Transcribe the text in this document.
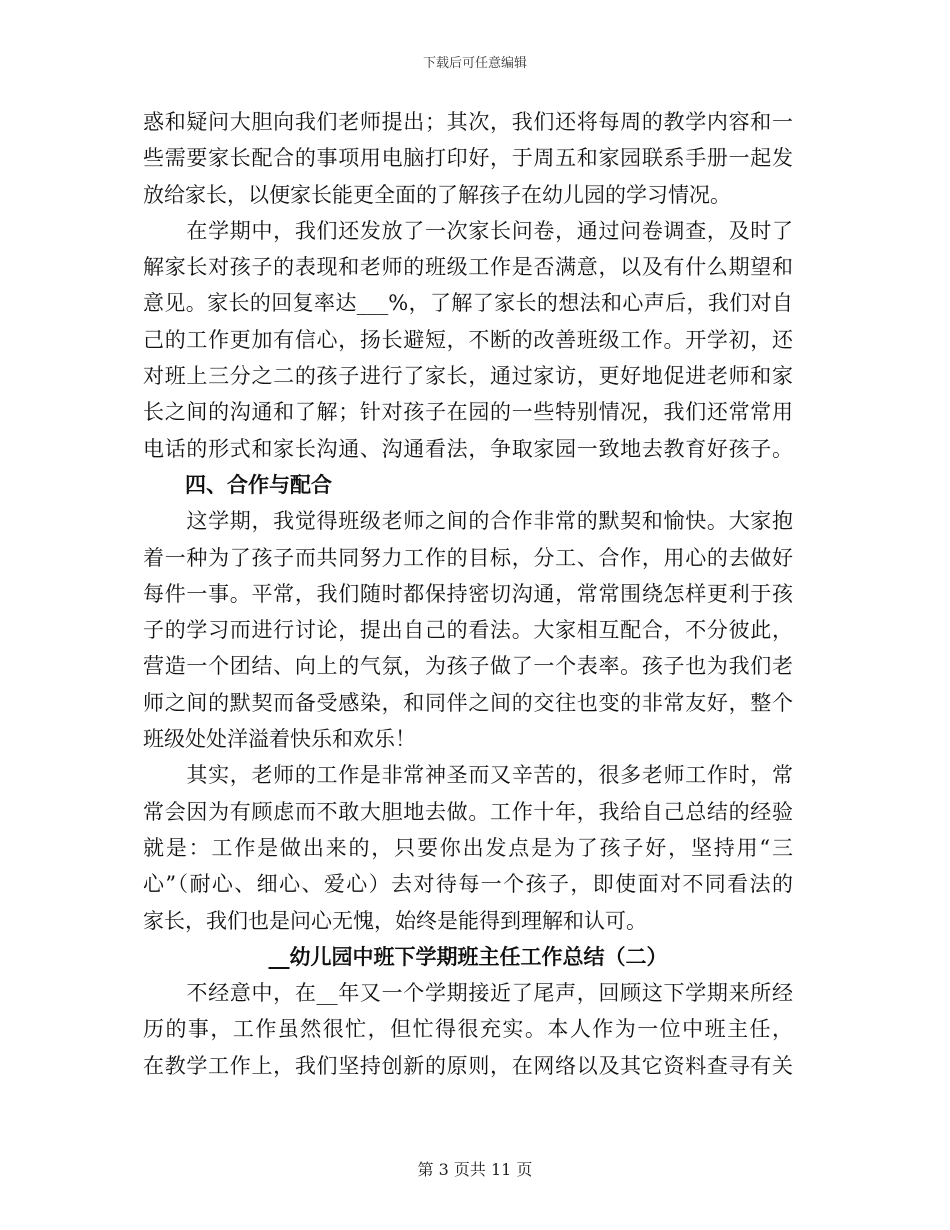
下载后可任意编辑
惑和疑问大胆向我们老师提出；其次，我们还将每周的教学内容和一
些需要家长配合的事项用电脑打印好，于周五和家园联系手册一起发
放给家长，以便家长能更全面的了解孩子在幼儿园的学习情况。
　　在学期中，我们还发放了一次家长问卷，通过问卷调查，及时了
解家长对孩子的表现和老师的班级工作是否满意，以及有什么期望和
意见。家长的回复率达___%，了解了家长的想法和心声后，我们对自
己的工作更加有信心，扬长避短，不断的改善班级工作。开学初，还
对班上三分之二的孩子进行了家长，通过家访，更好地促进老师和家
长之间的沟通和了解；针对孩子在园的一些特别情况，我们还常常用
电话的形式和家长沟通、沟通看法，争取家园一致地去教育好孩子。
四、合作与配合
　　这学期，我觉得班级老师之间的合作非常的默契和愉快。大家抱
着一种为了孩子而共同努力工作的目标，分工、合作，用心的去做好
每件一事。平常，我们随时都保持密切沟通，常常围绕怎样更利于孩
子的学习而进行讨论，提出自己的看法。大家相互配合，不分彼此，
营造一个团结、向上的气氛，为孩子做了一个表率。孩子也为我们老
师之间的默契而备受感染，和同伴之间的交往也变的非常友好，整个
班级处处洋溢着快乐和欢乐！
　　其实，老师的工作是非常神圣而又辛苦的，很多老师工作时，常
常会因为有顾虑而不敢大胆地去做。工作十年，我给自己总结的经验
就是：工作是做出来的，只要你出发点是为了孩子好，坚持用“三
心”（耐心、细心、爱心）去对待每一个孩子，即使面对不同看法的
家长，我们也是问心无愧，始终是能得到理解和认可。
__幼儿园中班下学期班主任工作总结（二）
　　不经意中，在__年又一个学期接近了尾声，回顾这下学期来所经
历的事，工作虽然很忙，但忙得很充实。本人作为一位中班主任，
在教学工作上，我们坚持创新的原则，在网络以及其它资料查寻有关
第 3 页共 11 页
